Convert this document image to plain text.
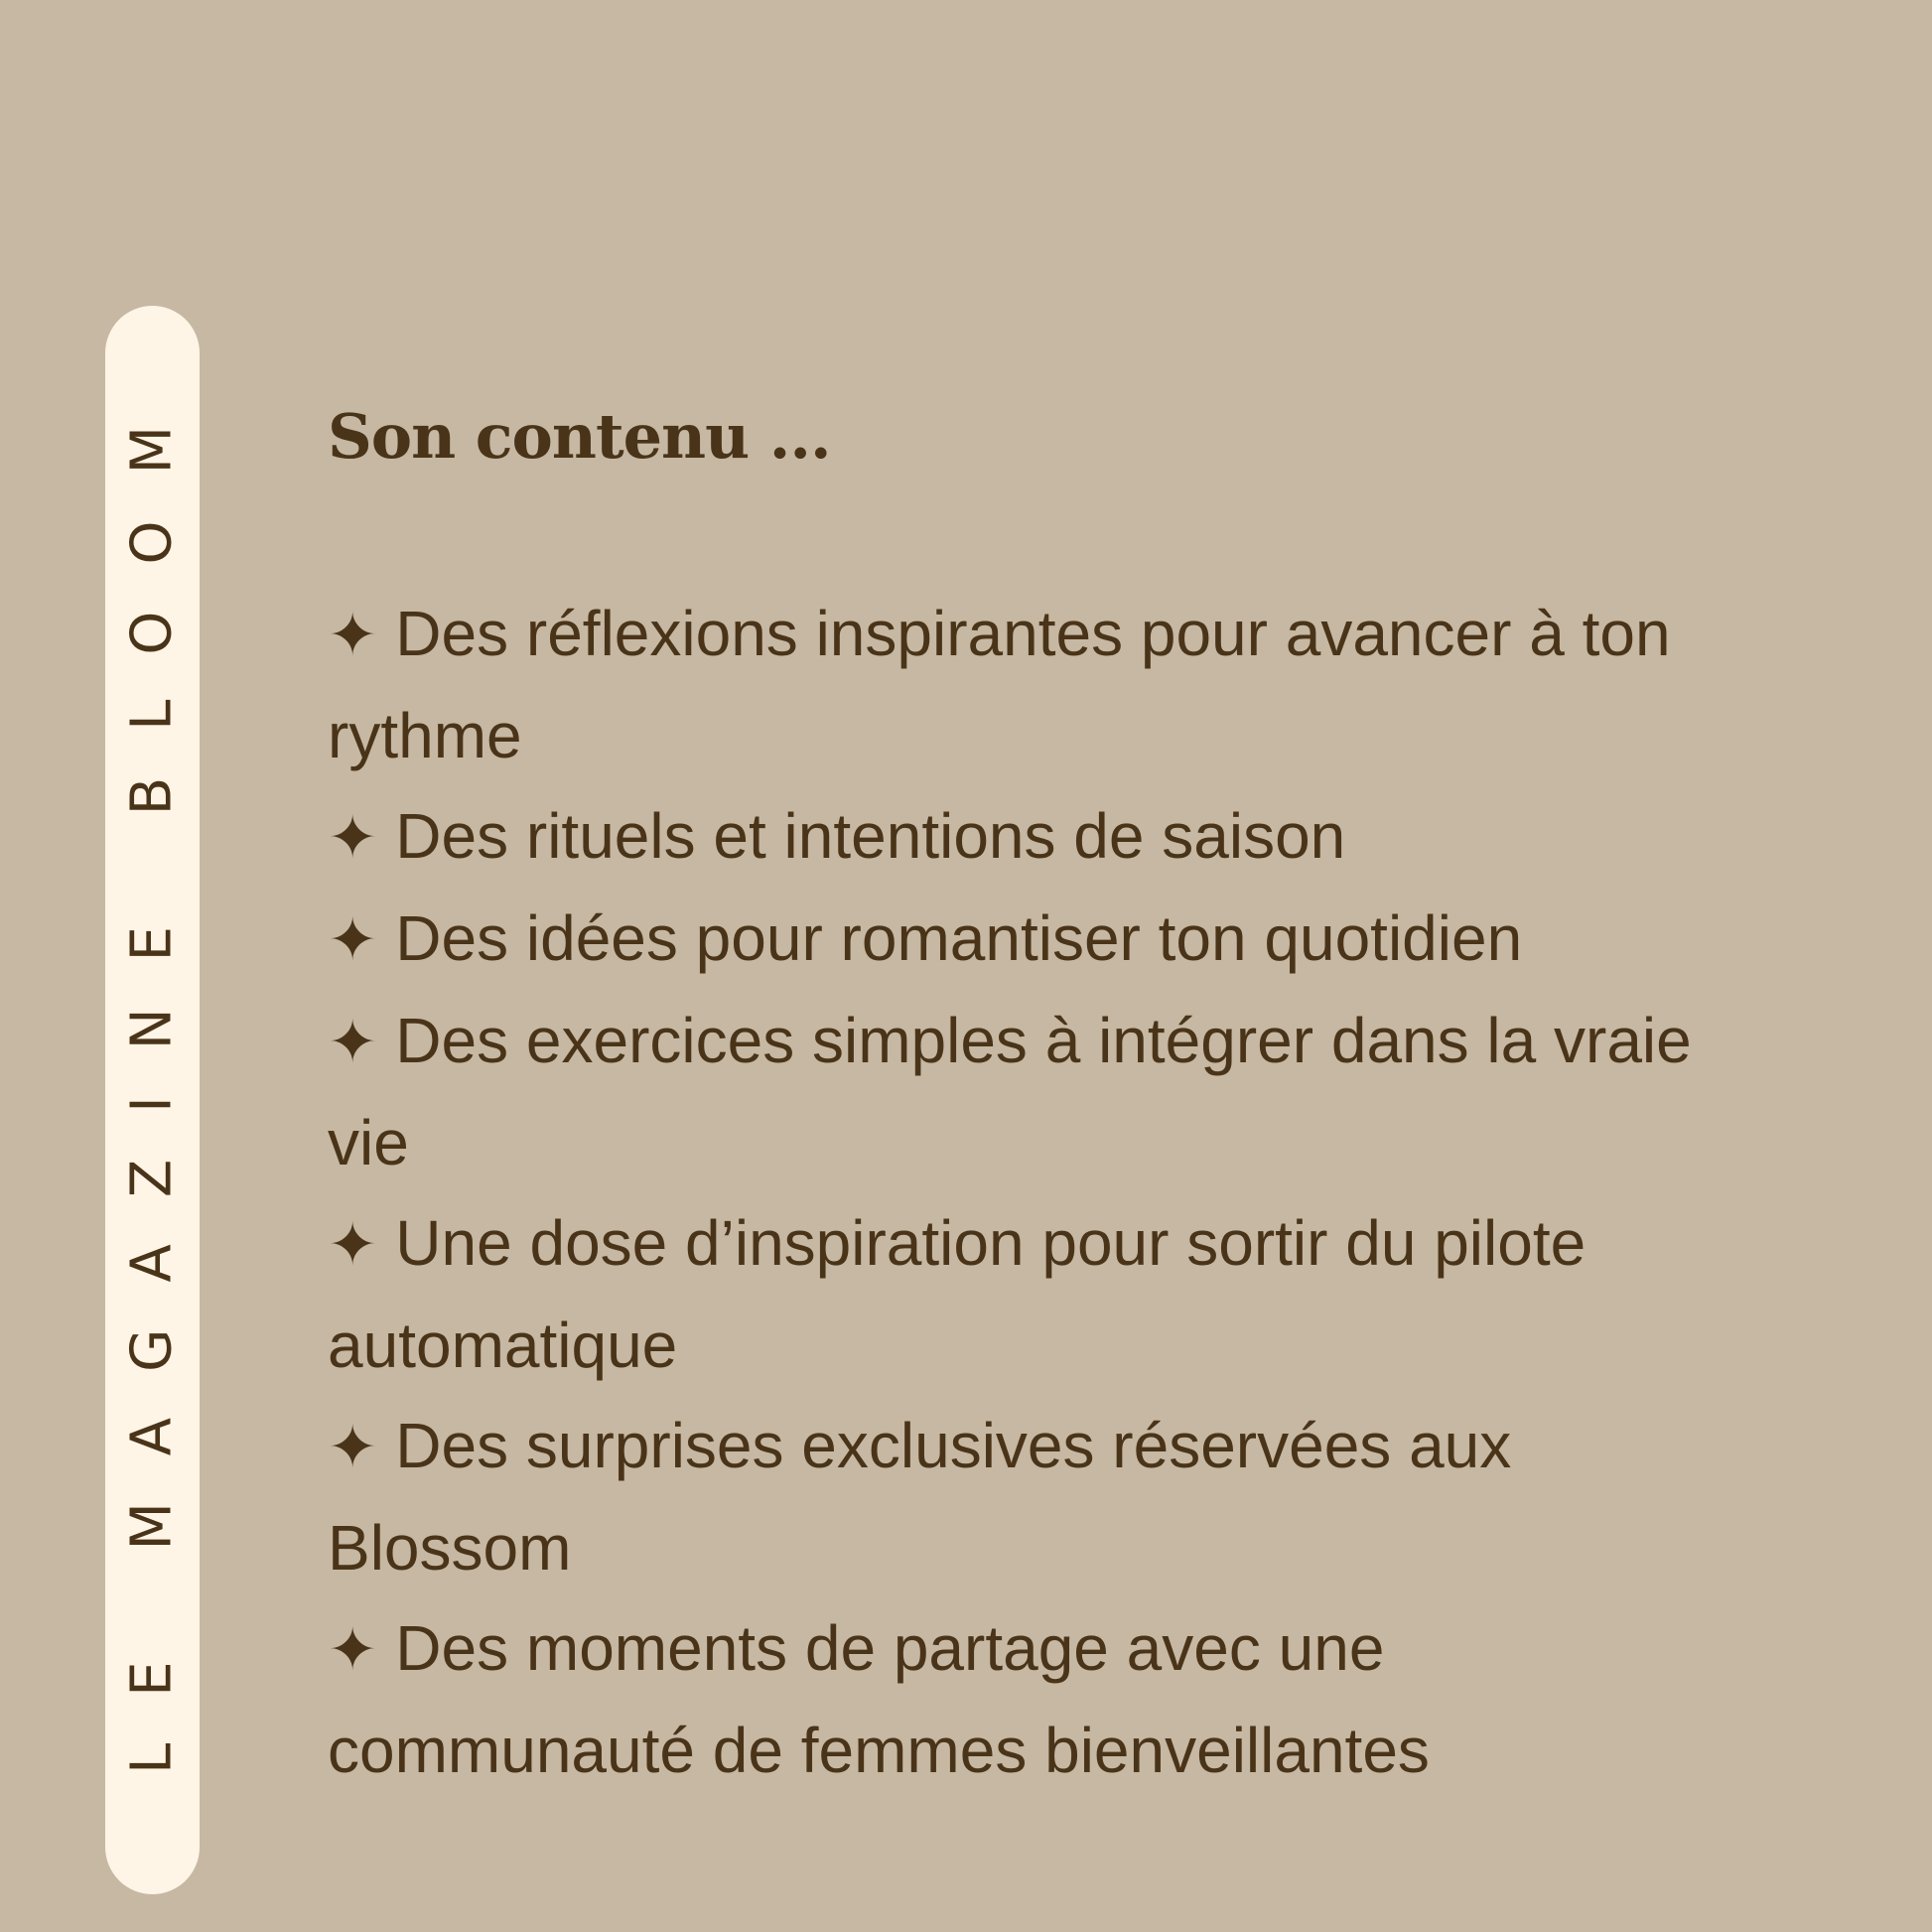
LE MAGAZINE BLOOM Son contenu ...
✦ Des réflexions inspirantes pour avancer à ton rythme
✦ Des rituels et intentions de saison
✦ Des idées pour romantiser ton quotidien
✦ Des exercices simples à intégrer dans la vraie vie
✦ Une dose d’inspiration pour sortir du pilote automatique
✦ Des surprises exclusives réservées aux Blossom
✦ Des moments de partage avec une communauté de femmes bienveillantes
